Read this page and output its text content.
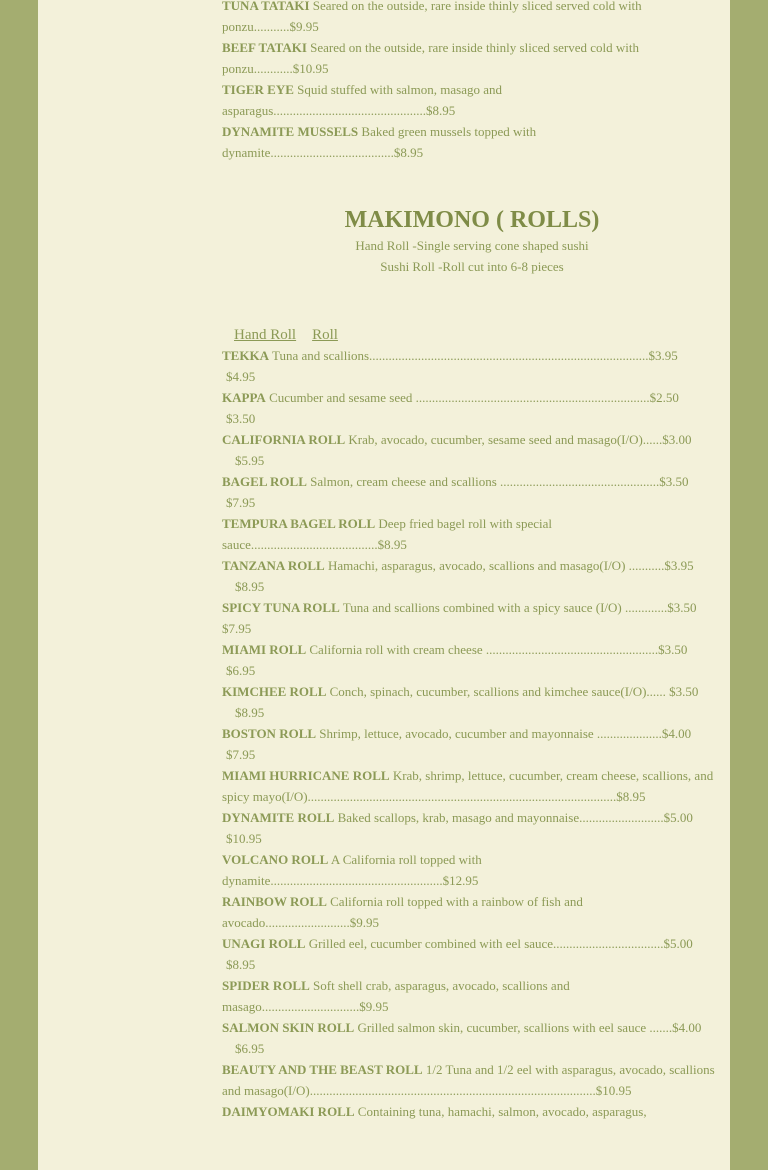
TUNA TATAKI Seared on the outside, rare inside thinly sliced served cold with ponzu...........$9.95
BEEF TATAKI Seared on the outside, rare inside thinly sliced served cold with ponzu............$10.95
TIGER EYE Squid stuffed with salmon, masago and asparagus...............................................$8.95
DYNAMITE MUSSELS Baked green mussels topped with dynamite......................................$8.95
MAKIMONO ( ROLLS)
Hand Roll -Single serving cone shaped sushi
Sushi Roll -Roll cut into 6-8 pieces
Hand Roll Roll
TEKKA Tuna and scallions......................................................................................$3.95
$4.95
KAPPA Cucumber and sesame seed ........................................................................$2.50
$3.50
CALIFORNIA ROLL Krab, avocado, cucumber, sesame seed and masago(I/O)......$3.00
$5.95
BAGEL ROLL Salmon, cream cheese and scallions .................................................$3.50
$7.95
TEMPURA BAGEL ROLL Deep fried bagel roll with special sauce.......................................$8.95
TANZANA ROLL Hamachi, asparagus, avocado, scallions and masago(I/O) ...........$3.95
$8.95
SPICY TUNA ROLL Tuna and scallions combined with a spicy sauce (I/O) .............$3.50 $7.95
MIAMI ROLL California roll with cream cheese .....................................................$3.50
$6.95
KIMCHEE ROLL Conch, spinach, cucumber, scallions and kimchee sauce(I/O)...... $3.50
$8.95
BOSTON ROLL Shrimp, lettuce, avocado, cucumber and mayonnaise ....................$4.00
$7.95
MIAMI HURRICANE ROLL Krab, shrimp, lettuce, cucumber, cream cheese, scallions, and spicy mayo(I/O)...............................................................................................$8.95
DYNAMITE ROLL Baked scallops, krab, masago and mayonnaise..........................$5.00
$10.95
VOLCANO ROLL A California roll topped with dynamite.....................................................$12.95
RAINBOW ROLL California roll topped with a rainbow of fish and avocado..........................$9.95
UNAGI ROLL Grilled eel, cucumber combined with eel sauce..................................$5.00
$8.95
SPIDER ROLL Soft shell crab, asparagus, avocado, scallions and masago..............................$9.95
SALMON SKIN ROLL Grilled salmon skin, cucumber, scallions with eel sauce .......$4.00
$6.95
BEAUTY AND THE BEAST ROLL 1/2 Tuna and 1/2 eel with asparagus, avocado, scallions and masago(I/O)........................................................................................$10.95
DAIMYOMAKI ROLL Containing tuna, hamachi, salmon, avocado, asparagus,
